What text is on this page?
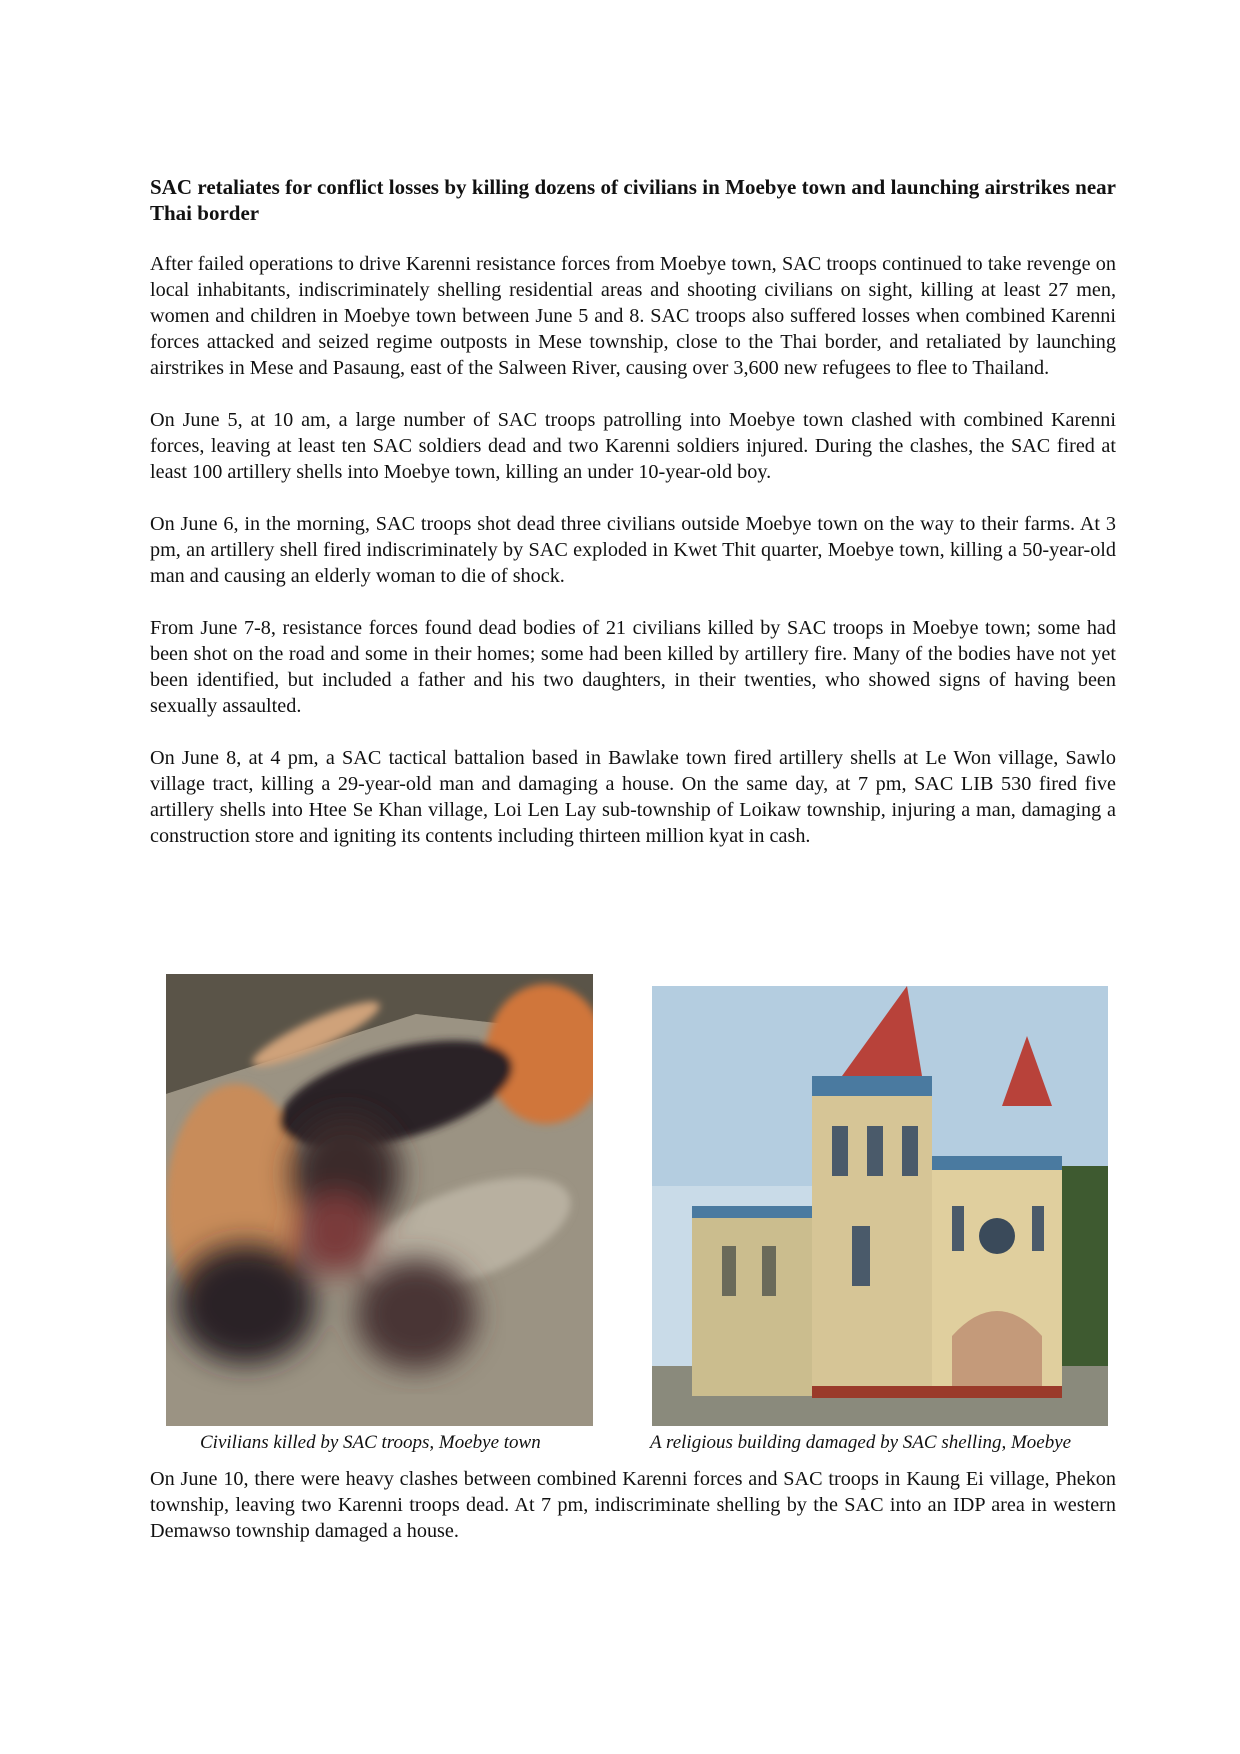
SAC retaliates for conflict losses by killing dozens of civilians in Moebye town and launching airstrikes near Thai border

After failed operations to drive Karenni resistance forces from Moebye town, SAC troops continued to take revenge on local inhabitants, indiscriminately shelling residential areas and shooting civilians on sight, killing at least 27 men, women and children in Moebye town between June 5 and 8. SAC troops also suffered losses when combined Karenni forces attacked and seized regime outposts in Mese township, close to the Thai border, and retaliated by launching airstrikes in Mese and Pasaung, east of the Salween River, causing over 3,600 new refugees to flee to Thailand.

On June 5, at 10 am, a large number of SAC troops patrolling into Moebye town clashed with combined Karenni forces, leaving at least ten SAC soldiers dead and two Karenni soldiers injured. During the clashes, the SAC fired at least 100 artillery shells into Moebye town, killing an under 10-year-old boy.

On June 6, in the morning, SAC troops shot dead three civilians outside Moebye town on the way to their farms. At 3 pm, an artillery shell fired indiscriminately by SAC exploded in Kwet Thit quarter, Moebye town, killing a 50-year-old man and causing an elderly woman to die of shock.

From June 7-8, resistance forces found dead bodies of 21 civilians killed by SAC troops in Moebye town; some had been shot on the road and some in their homes; some had been killed by artillery fire. Many of the bodies have not yet been identified, but included a father and his two daughters, in their twenties, who showed signs of having been sexually assaulted.

On June 8, at 4 pm, a SAC tactical battalion based in Bawlake town fired artillery shells at Le Won village, Sawlo village tract, killing a 29-year-old man and damaging a house. On the same day, at 7 pm, SAC LIB 530 fired five artillery shells into Htee Se Khan village, Loi Len Lay sub-township of Loikaw township, injuring a man, damaging a construction store and igniting its contents including thirteen million kyat in cash.

Civilians killed by SAC troops, Moebye town	A religious building damaged by SAC shelling, Moebye

On June 10, there were heavy clashes between combined Karenni forces and SAC troops in Kaung Ei village, Phekon township, leaving two Karenni troops dead. At 7 pm, indiscriminate shelling by the SAC into an IDP area in western Demawso township damaged a house.
